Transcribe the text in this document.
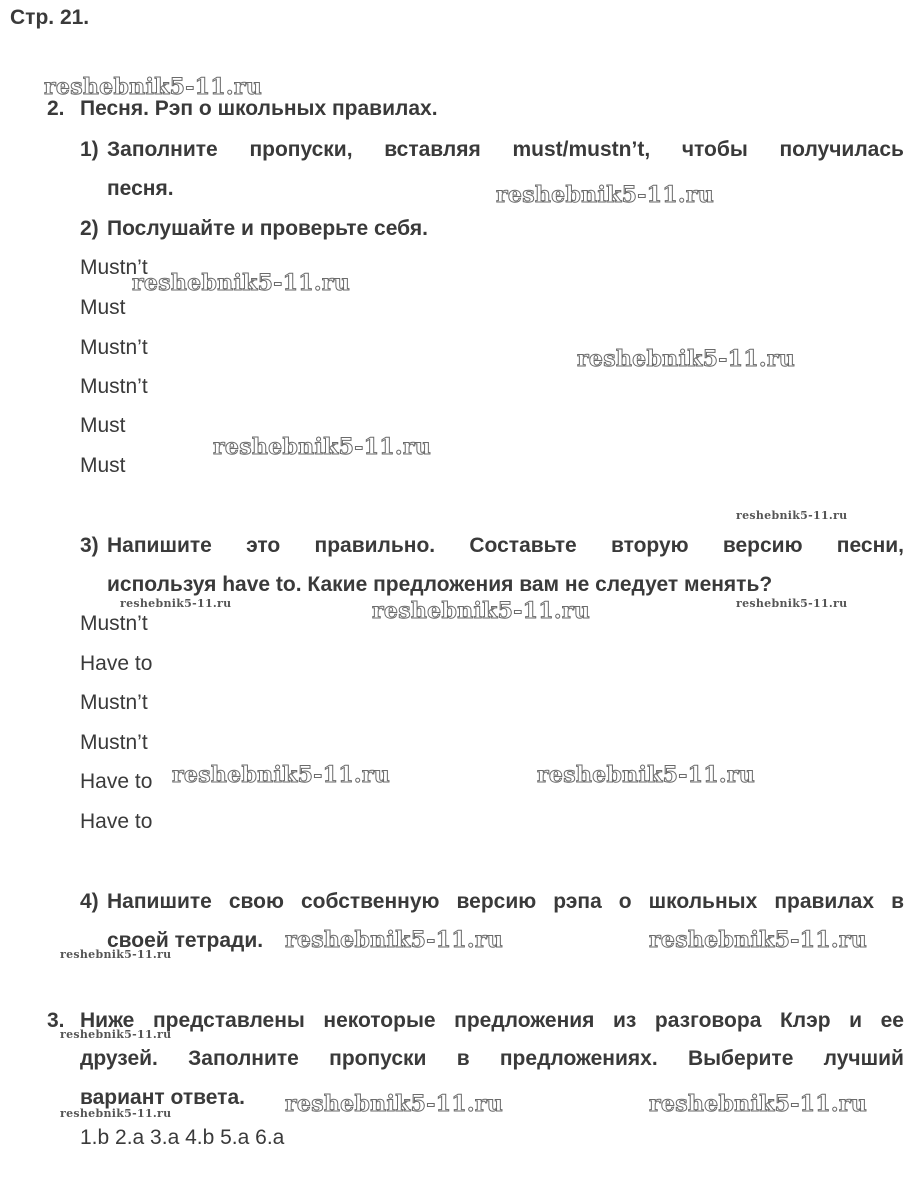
Стр. 21.
2. Песня. Рэп о школьных правилах.
1) Заполните пропуски, вставляя must/mustn’t, чтобы получилась
песня.
2) Послушайте и проверьте себя.
Mustn’t
Must
Mustn’t
Mustn’t
Must
Must
3) Напишите это правильно. Составьте вторую версию песни,
используя have to. Какие предложения вам не следует менять?
Mustn’t
Have to
Mustn’t
Mustn’t
Have to
Have to
4) Напишите свою собственную версию рэпа о школьных правилах в
своей тетради.
3. Ниже представлены некоторые предложения из разговора Клэр и ее
друзей. Заполните пропуски в предложениях. Выберите лучший
вариант ответа.
1.b 2.a 3.a 4.b 5.a 6.a
reshebnik5-11.ru
reshebnik5-11.ru
reshebnik5-11.ru
reshebnik5-11.ru
reshebnik5-11.ru
reshebnik5-11.ru
reshebnik5-11.ru	reshebnik5-11.ru	reshebnik5-11.ru
reshebnik5-11.ru	reshebnik5-11.ru
reshebnik5-11.ru	reshebnik5-11.ru
reshebnik5-11.ru
reshebnik5-11.ru
reshebnik5-11.ru	reshebnik5-11.ru
reshebnik5-11.ru
